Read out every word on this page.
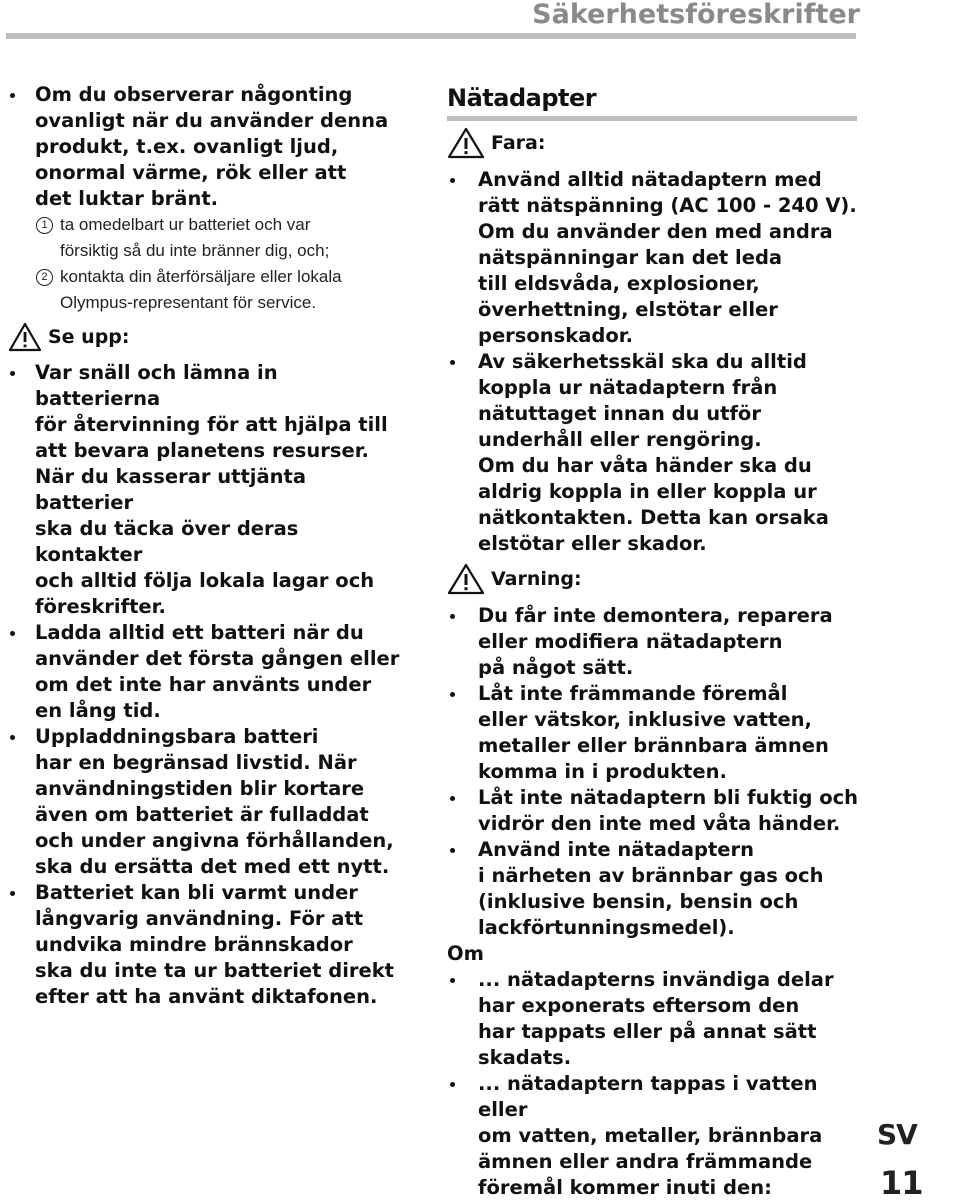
Säkerhetsföreskrifter
Om du observerar någonting
ovanligt när du använder denna
produkt, t.ex. ovanligt ljud,
onormal värme, rök eller att
det luktar bränt.
1 ta omedelbart ur batteriet och var
försiktig så du inte bränner dig, och;
2 kontakta din återförsäljare eller lokala
Olympus-representant för service.
Se upp:
Var snäll och lämna in batterierna
för återvinning för att hjälpa till
att bevara planetens resurser.
När du kasserar uttjänta batterier
ska du täcka över deras kontakter
och alltid följa lokala lagar och
föreskrifter.
Ladda alltid ett batteri när du
använder det första gången eller
om det inte har använts under
en lång tid.
Uppladdningsbara batteri
har en begränsad livstid. När
användningstiden blir kortare
även om batteriet är fulladdat
och under angivna förhållanden,
ska du ersätta det med ett nytt.
Batteriet kan bli varmt under
långvarig användning. För att
undvika mindre brännskador
ska du inte ta ur batteriet direkt
efter att ha använt diktafonen.
Nätadapter
Fara:
Använd alltid nätadaptern med
rätt nätspänning (AC 100 - 240 V).
Om du använder den med andra
nätspänningar kan det leda
till eldsvåda, explosioner,
överhettning, elstötar eller
personskador.
Av säkerhetsskäl ska du alltid
koppla ur nätadaptern från
nätuttaget innan du utför
underhåll eller rengöring.
Om du har våta händer ska du
aldrig koppla in eller koppla ur
nätkontakten. Detta kan orsaka
elstötar eller skador.
Varning:
Du får inte demontera, reparera
eller modifiera nätadaptern
på något sätt.
Låt inte främmande föremål
eller vätskor, inklusive vatten,
metaller eller brännbara ämnen
komma in i produkten.
Låt inte nätadaptern bli fuktig och
vidrör den inte med våta händer.
Använd inte nätadaptern
i närheten av brännbar gas och
(inklusive bensin, bensin och
lackförtunningsmedel).
Om
... nätadapterns invändiga delar
har exponerats eftersom den
har tappats eller på annat sätt
skadats.
... nätadaptern tappas i vatten eller
om vatten, metaller, brännbara
ämnen eller andra främmande
föremål kommer inuti den:
SV
11
